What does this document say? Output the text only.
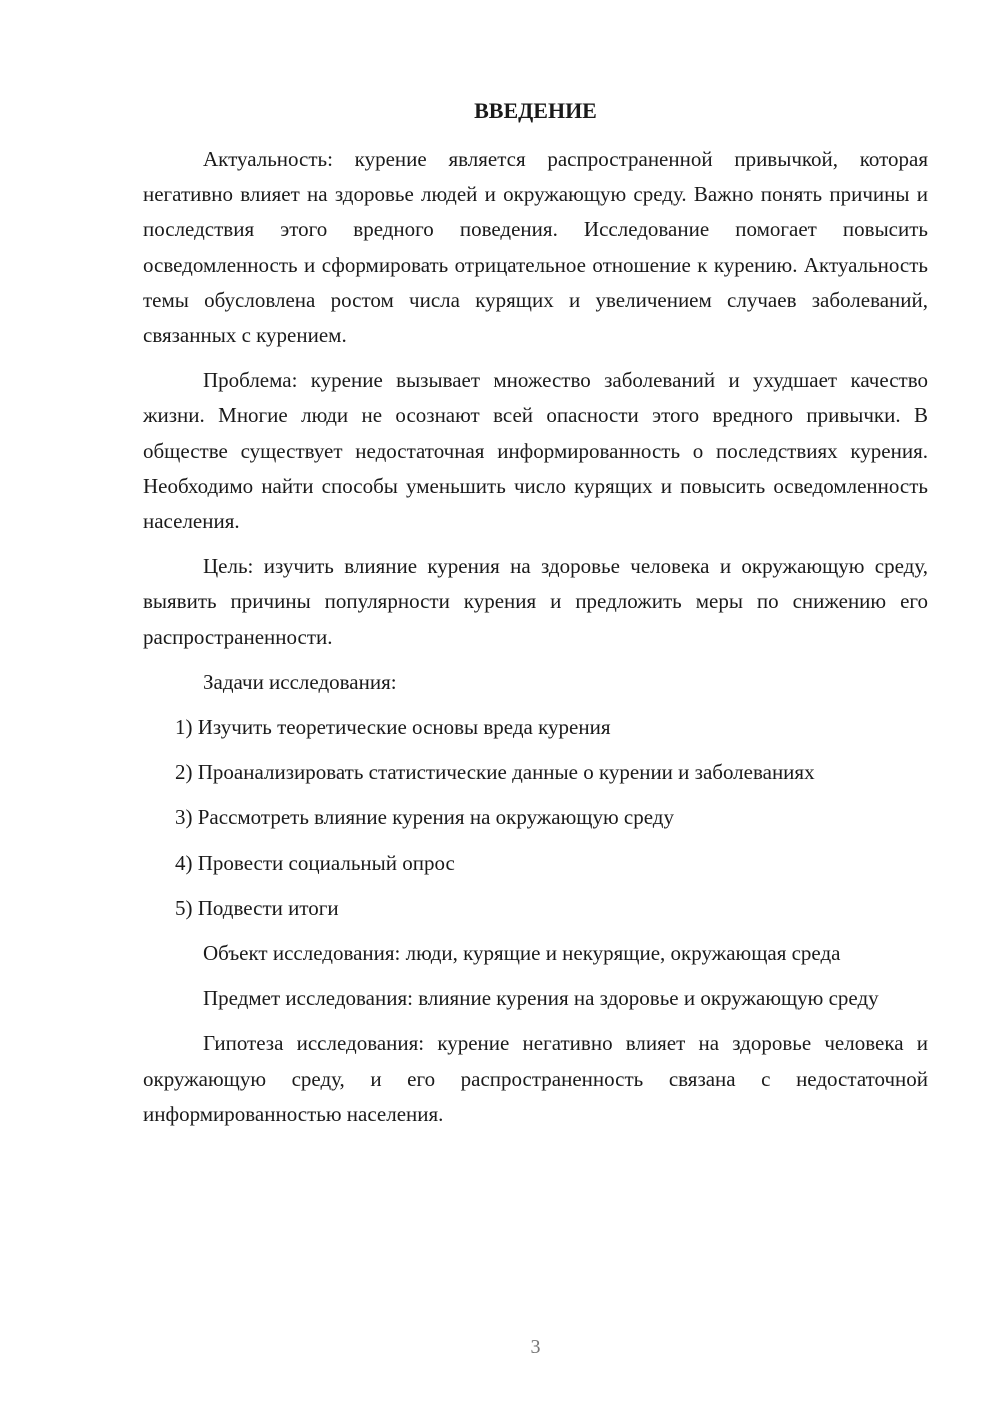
ВВЕДЕНИЕ

Актуальность: курение является распространенной привычкой, которая негативно влияет на здоровье людей и окружающую среду. Важно понять причины и последствия этого вредного поведения. Исследование помогает повысить осведомленность и сформировать отрицательное отношение к курению. Актуальность темы обусловлена ростом числа курящих и увеличением случаев заболеваний, связанных с курением.

Проблема: курение вызывает множество заболеваний и ухудшает качество жизни. Многие люди не осознают всей опасности этого вредного привычки. В обществе существует недостаточная информированность о последствиях курения. Необходимо найти способы уменьшить число курящих и повысить осведомленность населения.

Цель: изучить влияние курения на здоровье человека и окружающую среду, выявить причины популярности курения и предложить меры по снижению его распространенности.

Задачи исследования:

1) Изучить теоретические основы вреда курения

2) Проанализировать статистические данные о курении и заболеваниях

3) Рассмотреть влияние курения на окружающую среду

4) Провести социальный опрос

5) Подвести итоги

Объект исследования: люди, курящие и некурящие, окружающая среда

Предмет исследования: влияние курения на здоровье и окружающую среду

Гипотеза исследования: курение негативно влияет на здоровье человека и окружающую среду, и его распространенность связана с недостаточной информированностью населения.

3
